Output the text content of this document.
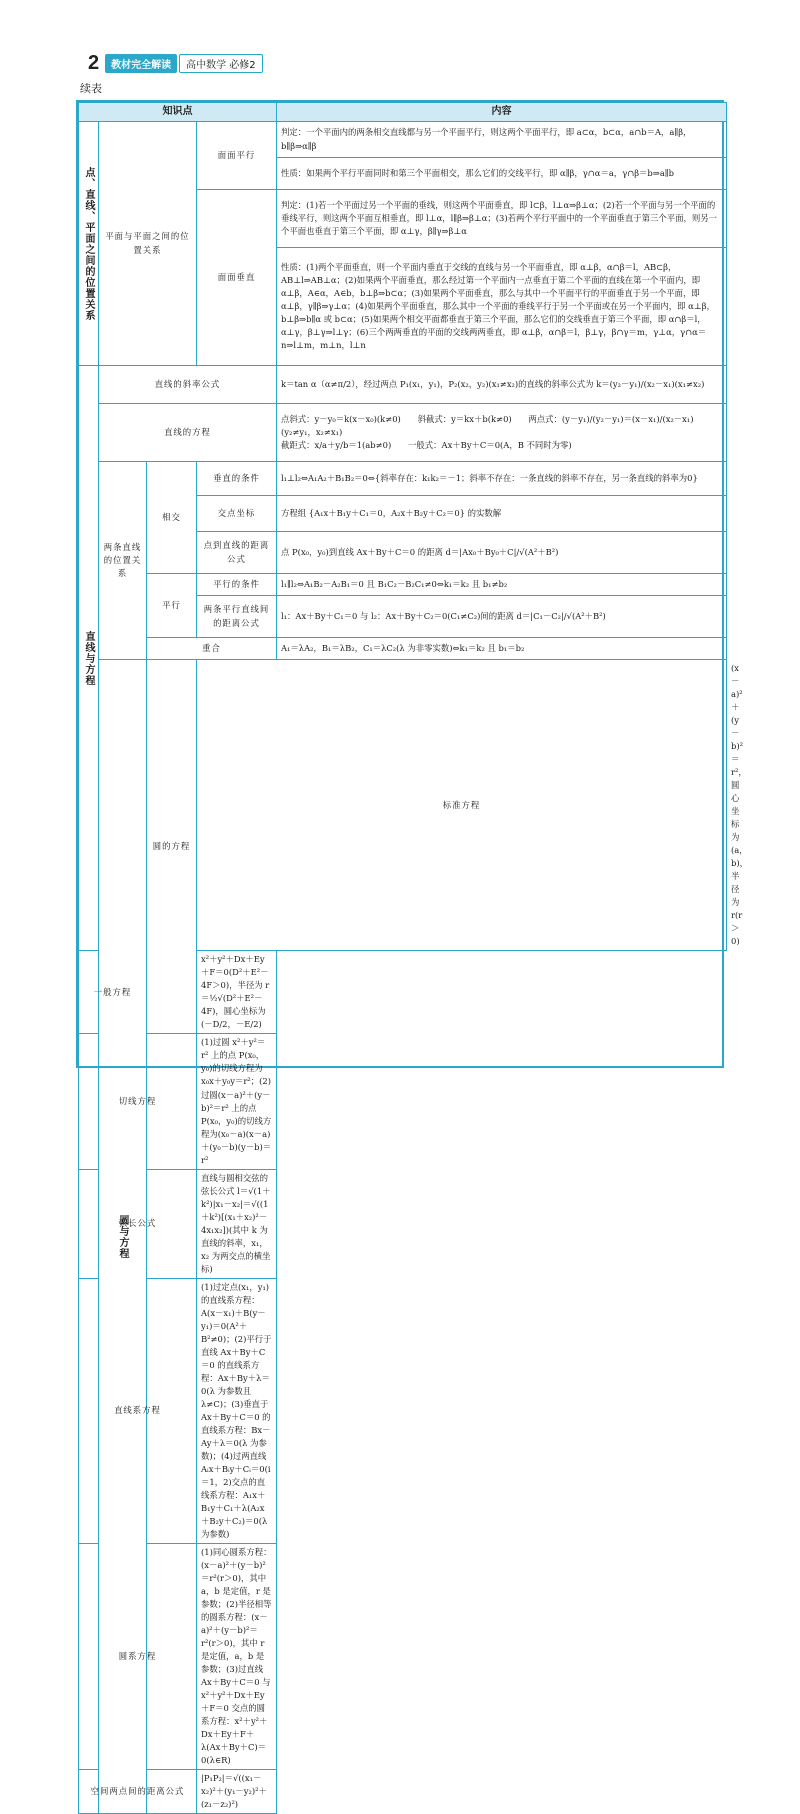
2	教材完全解读	高中数学 必修2
续表
知识点				内容	
点、直线、平面之间的位置关系	平面与平面之间的位置关系		面面平行	判定：一个平面内的两条相交直线都与另一个平面平行，则这两个平面平行，即 a⊂α，b⊂α，a∩b＝A，a∥β，b∥β⇒α∥β	
				性质：如果两个平行平面同时和第三个平面相交，那么它们的交线平行，即 α∥β，γ∩α＝a，γ∩β＝b⇒a∥b	
			面面垂直	判定：(1)若一个平面过另一个平面的垂线，则这两个平面垂直，即 l⊂β，l⊥α⇒β⊥α；(2)若一个平面与另一个平面的垂线平行，则这两个平面互相垂直，即 l⊥α，l∥β⇒β⊥α；(3)若两个平行平面中的一个平面垂直于第三个平面，则另一个平面也垂直于第三个平面，即 α⊥γ，β∥γ⇒β⊥α	
				性质：(1)两个平面垂直，则一个平面内垂直于交线的直线与另一个平面垂直，即 α⊥β，α∩β＝l，AB⊂β，AB⊥l⇒AB⊥α；(2)如果两个平面垂直，那么经过第一个平面内一点垂直于第二个平面的直线在第一个平面内，即 α⊥β，A∈α，A∈b，b⊥β⇒b⊂α；(3)如果两个平面垂直，那么与其中一个平面平行的平面垂直于另一个平面，即 α⊥β，γ∥β⇒γ⊥α；(4)如果两个平面垂直，那么其中一个平面的垂线平行于另一个平面或在另一个平面内，即 α⊥β，b⊥β⇒b∥α 或 b⊂α；(5)如果两个相交平面都垂直于第三个平面，那么它们的交线垂直于第三个平面，即 α∩β＝l，α⊥γ，β⊥γ⇒l⊥γ；(6)三个两两垂直的平面的交线两两垂直，即 α⊥β，α∩β＝l，β⊥γ，β∩γ＝m，γ⊥α，γ∩α＝n⇒l⊥m，m⊥n，l⊥n	
直线与方程	直线的斜率公式			k＝tan α（α≠π/2），经过两点 P₁(x₁，y₁)，P₂(x₂，y₂)(x₁≠x₂)的直线的斜率公式为 k＝(y₂－y₁)/(x₂－x₁)(x₁≠x₂)	
	直线的方程			点斜式：y－y₀＝k(x－x₀)(k≠0)　　斜截式：y＝kx＋b(k≠0)　　两点式：(y－y₁)/(y₂－y₁)＝(x－x₁)/(x₂－x₁)(y₂≠y₁，x₂≠x₁)
截距式：x/a＋y/b＝1(ab≠0)　　一般式：Ax＋By＋C＝0(A，B 不同时为零)	

	两条直线的位置关系	相交	垂直的条件	l₁⊥l₂⇔A₁A₂＋B₁B₂＝0⇔{斜率存在：k₁k₂＝－1；斜率不存在：一条直线的斜率不存在，另一条直线的斜率为0}	
			交点坐标	方程组 {A₁x＋B₁y＋C₁＝0，A₂x＋B₂y＋C₂＝0} 的实数解	
			点到直线的距离公式	点 P(x₀，y₀)到直线 Ax＋By＋C＝0 的距离 d＝|Ax₀＋By₀＋C|/√(A²＋B²)	
		平行	平行的条件	l₁∥l₂⇔A₁B₂－A₂B₁＝0 且 B₁C₂－B₂C₁≠0⇔k₁＝k₂ 且 b₁≠b₂	
			两条平行直线间的距离公式	l₁：Ax＋By＋C₁＝0 与 l₂：Ax＋By＋C₂＝0(C₁≠C₂)间的距离 d＝|C₁－C₂|/√(A²＋B²)	
		重合		A₁＝λA₂，B₁＝λB₂，C₁＝λC₂(λ 为非零实数)⇔k₁＝k₂ 且 b₁＝b₂	
	圆与方程	圆的方程	标准方程		(x－a)²＋(y－b)²＝r²，圆心坐标为(a，b)，半径为 r(r＞0)
一般方程			x²＋y²＋Dx＋Ey＋F＝0(D²＋E²－4F＞0)，半径为 r＝½√(D²＋E²－4F)，圆心坐标为(－D/2，－E/2)		
切线方程			(1)过圆 x²＋y²＝r² 上的点 P(x₀，y₀)的切线方程为 x₀x＋y₀y＝r²；(2)过圆(x－a)²＋(y－b)²＝r² 上的点 P(x₀，y₀)的切线方程为(x₀－a)(x－a)＋(y₀－b)(y－b)＝r²		
弦长公式			直线与圆相交弦的弦长公式 l＝√(1＋k²)|x₁－x₂|＝√((1＋k²)[(x₁＋x₂)²－4x₁x₂])(其中 k 为直线的斜率，x₁，x₂ 为两交点的横坐标)		
直线系方程			(1)过定点(x₁，y₁)的直线系方程：A(x－x₁)＋B(y－y₁)＝0(A²＋B²≠0)；(2)平行于直线 Ax＋By＋C＝0 的直线系方程：Ax＋By＋λ＝0(λ 为参数且 λ≠C)；(3)垂直于 Ax＋By＋C＝0 的直线系方程：Bx－Ay＋λ＝0(λ 为参数)；(4)过两直线 Aᵢx＋Bᵢy＋Cᵢ＝0(i＝1，2)交点的直线系方程：A₁x＋B₁y＋C₁＋λ(A₂x＋B₂y＋C₂)＝0(λ 为参数)		
圆系方程			(1)同心圆系方程：(x－a)²＋(y－b)²＝r²(r＞0)，其中 a，b 是定值，r 是参数；(2)半径相等的圆系方程：(x－a)²＋(y－b)²＝r²(r＞0)，其中 r 是定值，a，b 是参数；(3)过直线 Ax＋By＋C＝0 与 x²＋y²＋Dx＋Ey＋F＝0 交点的圆系方程：x²＋y²＋Dx＋Ey＋F＋λ(Ax＋By＋C)＝0(λ∈R)		
空间两点间的距离公式			|P₁P₂|＝√((x₁－x₂)²＋(y₁－y₂)²＋(z₁－z₂)²)		
